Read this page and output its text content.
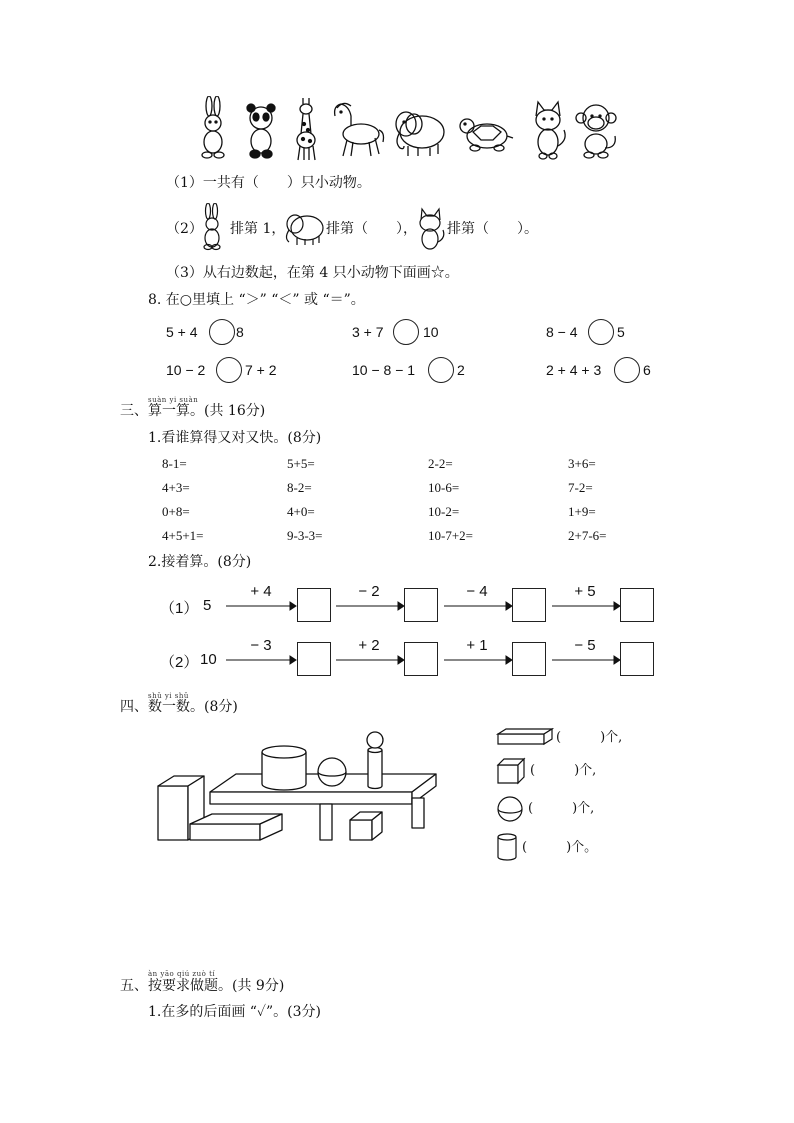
（1）一共有（　　）只小动物。
（2） 排第 1，	排第（　　）， 排第（　　）。
（3）从右边数起，在第 4 只小动物下面画☆。
8. 在○里填上 “＞” “＜” 或 “＝”。
5 + 4	8	3 + 7	10	8 − 4	5
10 − 2	7 + 2	10 − 8 − 1	2	2 + 4 + 3	6
suàn yi suàn
三、算一算。(共 16分)
1.看谁算得又对又快。(8分)
8-1=	5+5=	2-2=	3+6=
4+3=	8-2=	10-6=	7-2=
0+8=	4+0=	10-2=	1+9=
4+5+1=	9-3-3=	10-7+2=	2+7-6=
2.接着算。(8分)
（1） 5
+ 4	− 2	− 4	+ 5
（2） 10
− 3	+ 2	+ 1	− 5
shǔ yi shǔ
四、数一数。(8分)
(　　　)个,
(　　　)个,
(　　　)个,
(　　　)个。
àn yāo qiú zuò tí
五、按要求做题。(共 9分)
1.在多的后面画 “✓”。(3分)
